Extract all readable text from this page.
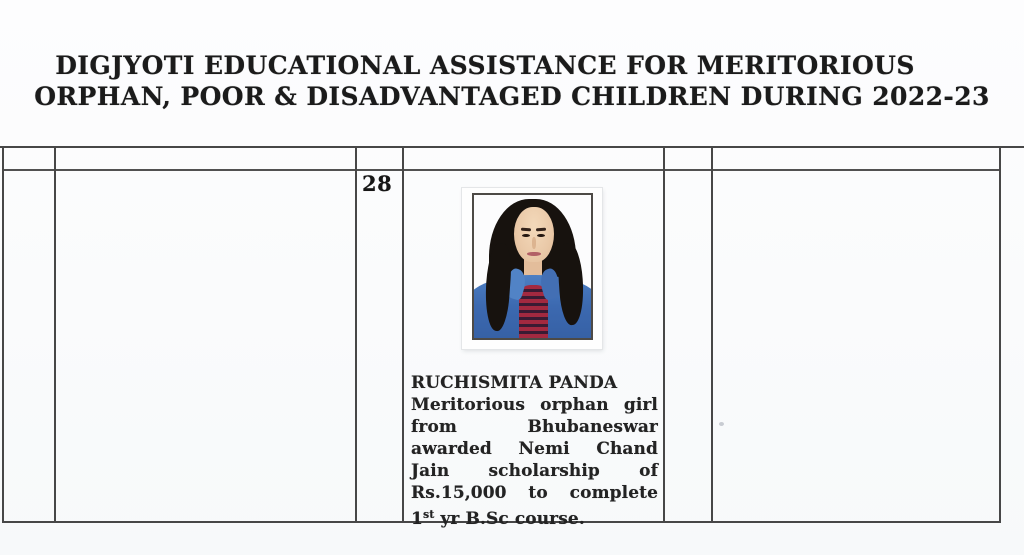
DIGJYOTI EDUCATIONAL ASSISTANCE FOR MERITORIOUS
ORPHAN, POOR & DISADVANTAGED CHILDREN DURING 2022-23
28
RUCHISMITA PANDA
Meritorious orphan girl
from Bhubaneswar
awarded Nemi Chand
Jain scholarship of
Rs.15,000 to complete
1st yr B.Sc course.
